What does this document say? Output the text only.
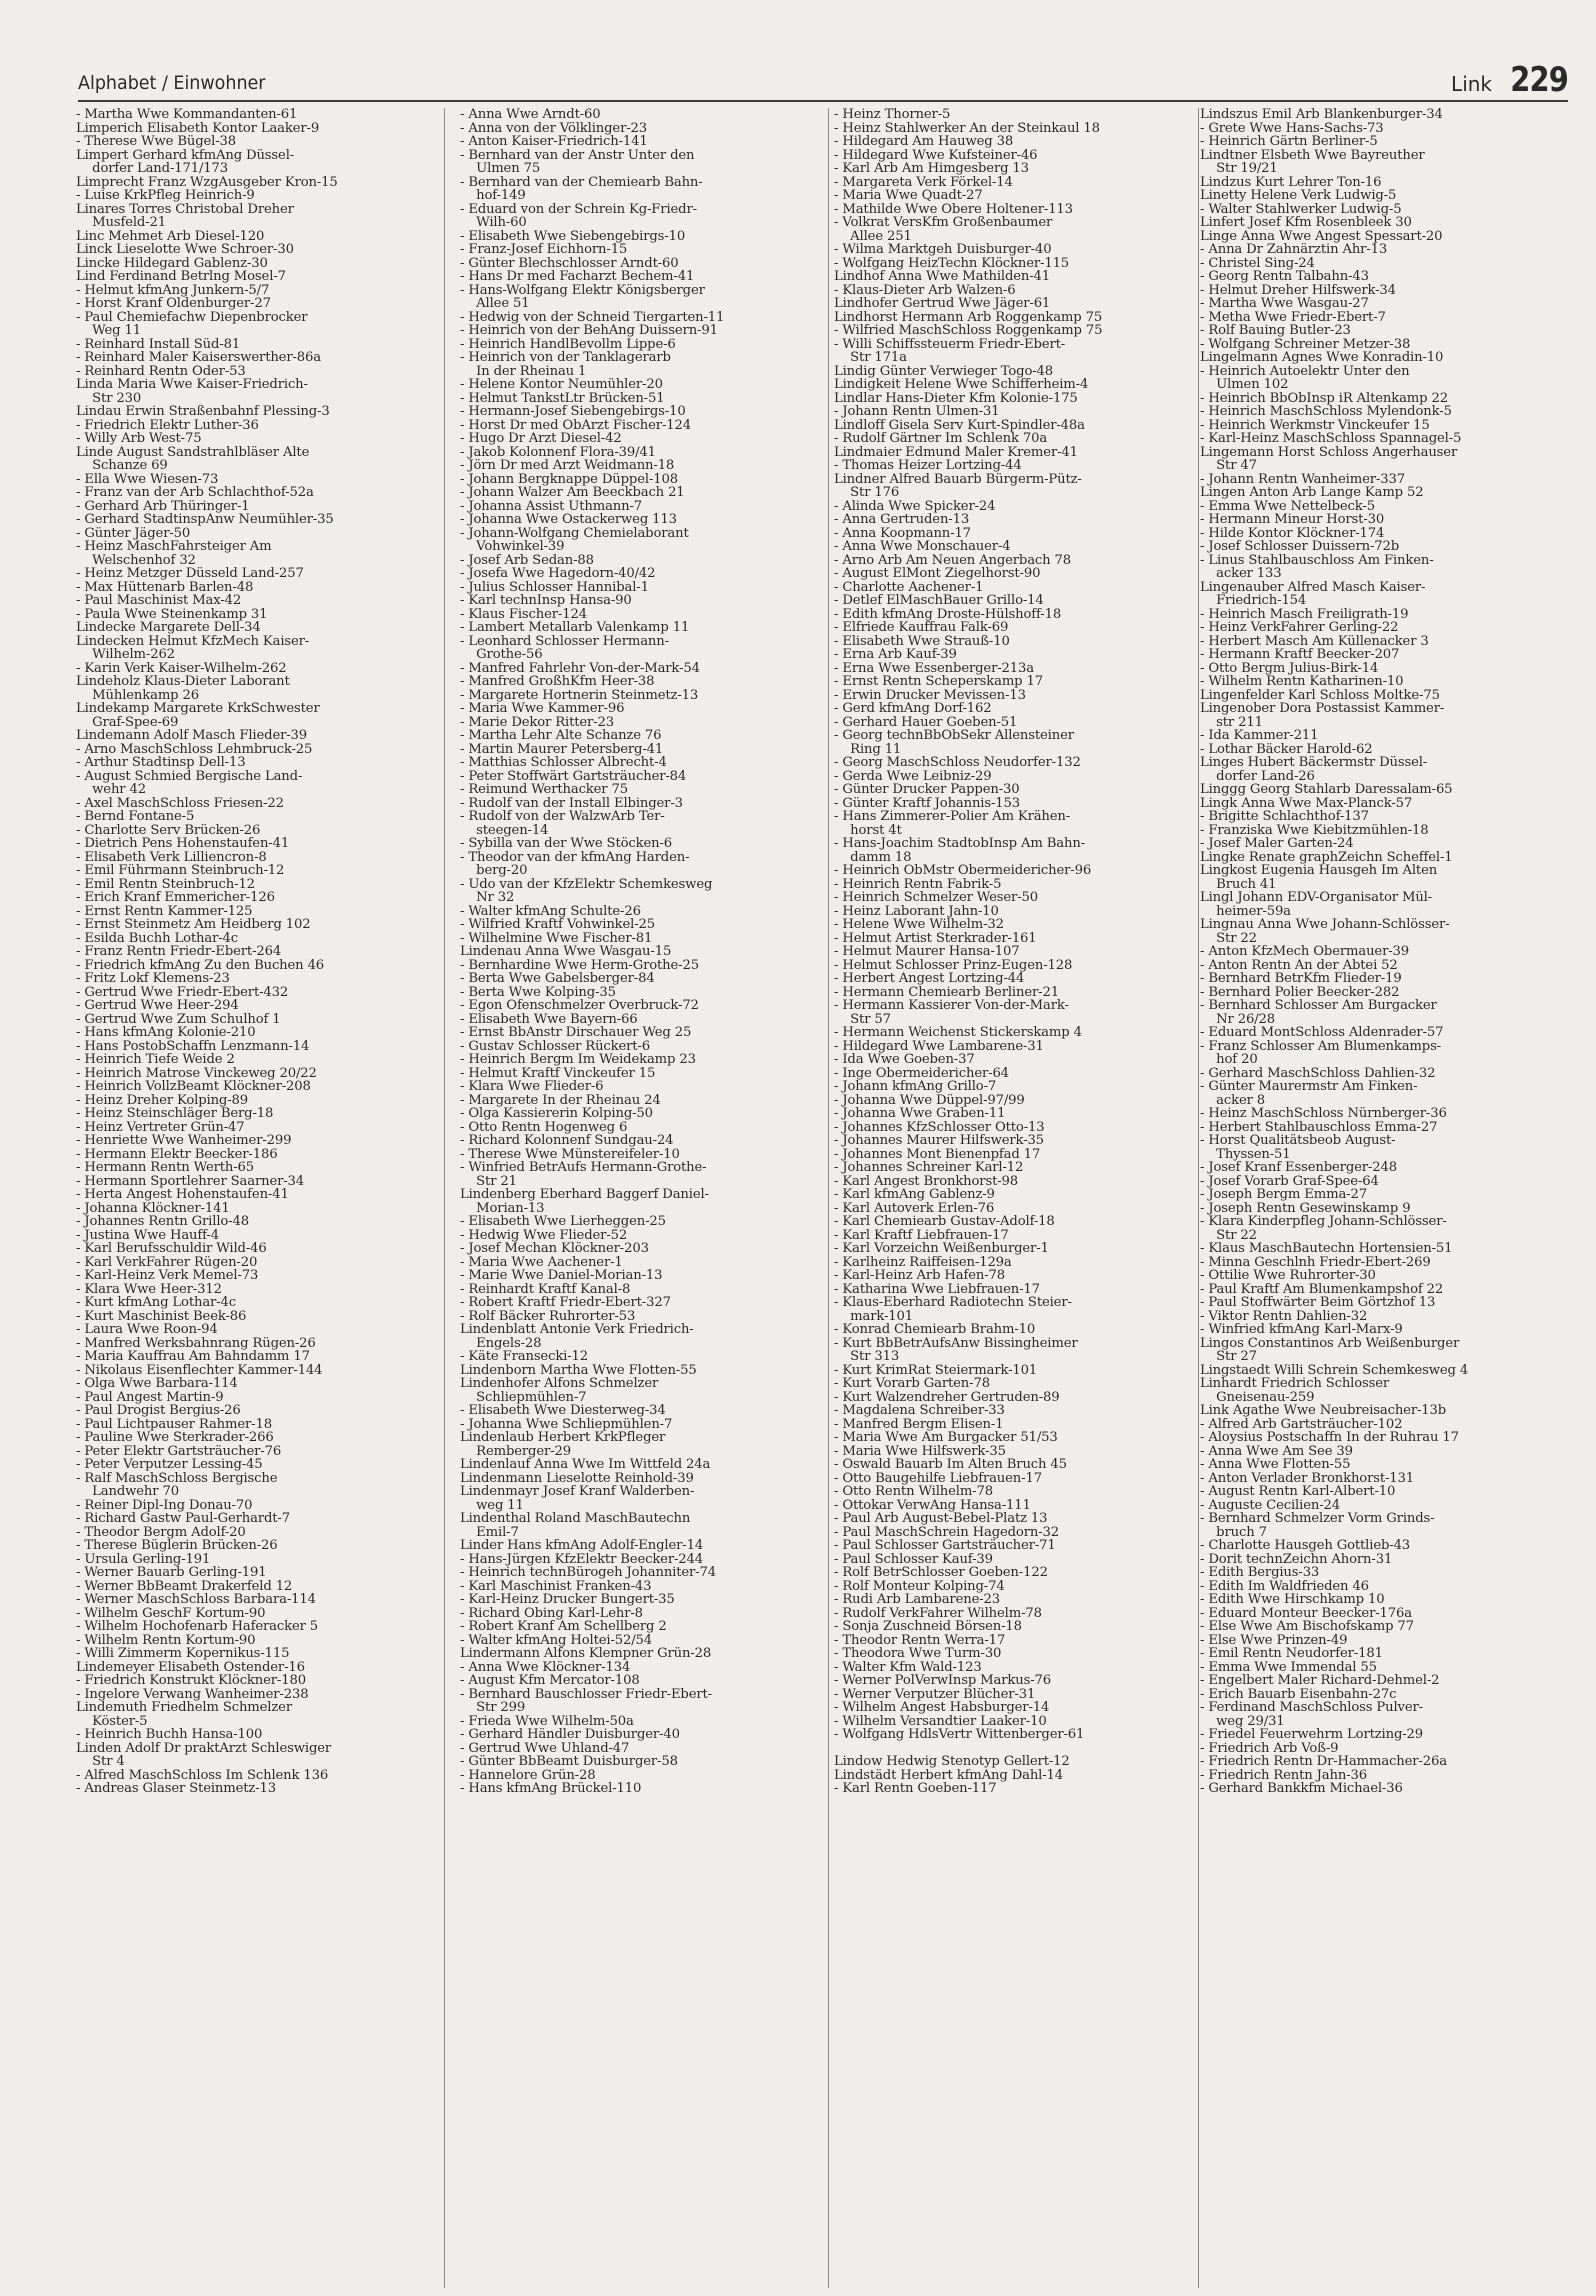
Alphabet / Einwohner	Link 229
- Martha Wwe Kommandanten-61
Limperich Elisabeth Kontor Laaker-9
- Therese Wwe Bügel-38
Limpert Gerhard kfmAng Düssel-
dorfer Land-171/173
Limprecht Franz WzgAusgeber Kron-15
- Luise KrkPfleg Heinrich-9
Linares Torres Christobal Dreher
Musfeld-21
Linc Mehmet Arb Diesel-120
Linck Lieselotte Wwe Schroer-30
Lincke Hildegard Gablenz-30
Lind Ferdinand Betrlng Mosel-7
- Helmut kfmAng Junkern-5/7
- Horst Kranf Oldenburger-27
- Paul Chemiefachw Diepenbrocker
Weg 11
- Reinhard Install Süd-81
- Reinhard Maler Kaiserswerther-86a
- Reinhard Rentn Oder-53
Linda Maria Wwe Kaiser-Friedrich-
Str 230
Lindau Erwin Straßenbahnf Plessing-3
- Friedrich Elektr Luther-36
- Willy Arb West-75
Linde August Sandstrahlbläser Alte
Schanze 69
- Ella Wwe Wiesen-73
- Franz van der Arb Schlachthof-52a
- Gerhard Arb Thüringer-1
- Gerhard StadtinspAnw Neumühler-35
- Günter Jäger-50
- Heinz MaschFahrsteiger Am
Welschenhof 32
- Heinz Metzger Düsseld Land-257
- Max Hüttenarb Barlen-48
- Paul Maschinist Max-42
- Paula Wwe Steinenkamp 31
Lindecke Margarete Dell-34
Lindecken Helmut KfzMech Kaiser-
Wilhelm-262
- Karin Verk Kaiser-Wilhelm-262
Lindeholz Klaus-Dieter Laborant
Mühlenkamp 26
Lindekamp Margarete KrkSchwester
Graf-Spee-69
Lindemann Adolf Masch Flieder-39
- Arno MaschSchloss Lehmbruck-25
- Arthur Stadtinsp Dell-13
- August Schmied Bergische Land-
wehr 42
- Axel MaschSchloss Friesen-22
- Bernd Fontane-5
- Charlotte Serv Brücken-26
- Dietrich Pens Hohenstaufen-41
- Elisabeth Verk Lilliencron-8
- Emil Führmann Steinbruch-12
- Emil Rentn Steinbruch-12
- Erich Kranf Emmericher-126
- Ernst Rentn Kammer-125
- Ernst Steinmetz Am Heidberg 102
- Esilda Buchh Lothar-4c
- Franz Rentn Friedr-Ebert-264
- Friedrich kfmAng Zu den Buchen 46
- Fritz Lokf Klemens-23
- Gertrud Wwe Friedr-Ebert-432
- Gertrud Wwe Heer-294
- Gertrud Wwe Zum Schulhof 1
- Hans kfmAng Kolonie-210
- Hans PostobSchaffn Lenzmann-14
- Heinrich Tiefe Weide 2
- Heinrich Matrose Vinckeweg 20/22
- Heinrich VollzBeamt Klöckner-208
- Heinz Dreher Kolping-89
- Heinz Steinschläger Berg-18
- Heinz Vertreter Grün-47
- Henriette Wwe Wanheimer-299
- Hermann Elektr Beecker-186
- Hermann Rentn Werth-65
- Hermann Sportlehrer Saarner-34
- Herta Angest Hohenstaufen-41
- Johanna Klöckner-141
- Johannes Rentn Grillo-48
- Justina Wwe Hauff-4
- Karl Berufsschuldir Wild-46
- Karl VerkFahrer Rügen-20
- Karl-Heinz Verk Memel-73
- Klara Wwe Heer-312
- Kurt kfmAng Lothar-4c
- Kurt Maschinist Beek-86
- Laura Wwe Roon-94
- Manfred Werksbahnrang Rügen-26
- Maria Kauffrau Am Bahndamm 17
- Nikolaus Eisenflechter Kammer-144
- Olga Wwe Barbara-114
- Paul Angest Martin-9
- Paul Drogist Bergius-26
- Paul Lichtpauser Rahmer-18
- Pauline Wwe Sterkrader-266
- Peter Elektr Gartsträucher-76
- Peter Verputzer Lessing-45
- Ralf MaschSchloss Bergische
Landwehr 70
- Reiner Dipl-Ing Donau-70
- Richard Gastw Paul-Gerhardt-7
- Theodor Bergm Adolf-20
- Therese Büglerin Brücken-26
- Ursula Gerling-191
- Werner Bauarb Gerling-191
- Werner BbBeamt Drakerfeld 12
- Werner MaschSchloss Barbara-114
- Wilhelm GeschF Kortum-90
- Wilhelm Hochofenarb Haferacker 5
- Wilhelm Rentn Kortum-90
- Willi Zimmerm Kopernikus-115
Lindemeyer Elisabeth Ostender-16
- Friedrich Konstrukt Klöckner-180
- Ingelore Verwang Wanheimer-238
Lindemuth Friedhelm Schmelzer
Köster-5
- Heinrich Buchh Hansa-100
Linden Adolf Dr praktArzt Schleswiger
Str 4
- Alfred MaschSchloss Im Schlenk 136
- Andreas Glaser Steinmetz-13
- Anna Wwe Arndt-60
- Anna von der Völklinger-23
- Anton Kaiser-Friedrich-141
- Bernhard van der Anstr Unter den
Ulmen 75
- Bernhard van der Chemiearb Bahn-
hof-149
- Eduard von der Schrein Kg-Friedr-
Wilh-60
- Elisabeth Wwe Siebengebirgs-10
- Franz-Josef Eichhorn-15
- Günter Blechschlosser Arndt-60
- Hans Dr med Facharzt Bechem-41
- Hans-Wolfgang Elektr Königsberger
Allee 51
- Hedwig von der Schneid Tiergarten-11
- Heinrich von der BehAng Duissern-91
- Heinrich HandlBevollm Lippe-6
- Heinrich von der Tanklagerarb
In der Rheinau 1
- Helene Kontor Neumühler-20
- Helmut TankstLtr Brücken-51
- Hermann-Josef Siebengebirgs-10
- Horst Dr med ObArzt Fischer-124
- Hugo Dr Arzt Diesel-42
- Jakob Kolonnenf Flora-39/41
- Jörn Dr med Arzt Weidmann-18
- Johann Bergknappe Düppel-108
- Johann Walzer Am Beeckbach 21
- Johanna Assist Uthmann-7
- Johanna Wwe Ostackerweg 113
- Johann-Wolfgang Chemielaborant
Vohwinkel-39
- Josef Arb Sedan-88
- Josefa Wwe Hagedorn-40/42
- Julius Schlosser Hannibal-1
- Karl technInsp Hansa-90
- Klaus Fischer-124
- Lambert Metallarb Valenkamp 11
- Leonhard Schlosser Hermann-
Grothe-56
- Manfred Fahrlehr Von-der-Mark-54
- Manfred GroßhKfm Heer-38
- Margarete Hortnerin Steinmetz-13
- Maria Wwe Kammer-96
- Marie Dekor Ritter-23
- Martha Lehr Alte Schanze 76
- Martin Maurer Petersberg-41
- Matthias Schlosser Albrecht-4
- Peter Stoffwärt Gartsträucher-84
- Reimund Werthacker 75
- Rudolf van der Install Elbinger-3
- Rudolf von der WalzwArb Ter-
steegen-14
- Sybilla van der Wwe Stöcken-6
- Theodor van der kfmAng Harden-
berg-20
- Udo van der KfzElektr Schemkesweg
Nr 32
- Walter kfmAng Schulte-26
- Wilfried Kraftf Vohwinkel-25
- Wilhelmine Wwe Fischer-81
Lindenau Anna Wwe Wasgau-15
- Bernhardine Wwe Herm-Grothe-25
- Berta Wwe Gabelsberger-84
- Berta Wwe Kolping-35
- Egon Ofenschmelzer Overbruck-72
- Elisabeth Wwe Bayern-66
- Ernst BbAnstr Dirschauer Weg 25
- Gustav Schlosser Rückert-6
- Heinrich Bergm Im Weidekamp 23
- Helmut Kraftf Vinckeufer 15
- Klara Wwe Flieder-6
- Margarete In der Rheinau 24
- Olga Kassiererin Kolping-50
- Otto Rentn Hogenweg 6
- Richard Kolonnenf Sundgau-24
- Therese Wwe Münstereifeler-10
- Winfried BetrAufs Hermann-Grothe-
Str 21
Lindenberg Eberhard Baggerf Daniel-
Morian-13
- Elisabeth Wwe Lierheggen-25
- Hedwig Wwe Flieder-52
- Josef Mechan Klöckner-203
- Maria Wwe Aachener-1
- Marie Wwe Daniel-Morian-13
- Reinhardt Kraftf Kanal-8
- Robert Kraftf Friedr-Ebert-327
- Rolf Bäcker Ruhrorter-53
Lindenblatt Antonie Verk Friedrich-
Engels-28
- Käte Fransecki-12
Lindenborn Martha Wwe Flotten-55
Lindenhofer Alfons Schmelzer
Schliepmühlen-7
- Elisabeth Wwe Diesterweg-34
- Johanna Wwe Schliepmühlen-7
Lindenlaub Herbert KrkPfleger
Remberger-29
Lindenlauf Anna Wwe Im Wittfeld 24a
Lindenmann Lieselotte Reinhold-39
Lindenmayr Josef Kranf Walderben-
weg 11
Lindenthal Roland MaschBautechn
Emil-7
Linder Hans kfmAng Adolf-Engler-14
- Hans-Jürgen KfzElektr Beecker-244
- Heinrich technBürogeh Johanniter-74
- Karl Maschinist Franken-43
- Karl-Heinz Drucker Bungert-35
- Richard Obing Karl-Lehr-8
- Robert Kranf Am Schellberg 2
- Walter kfmAng Holtei-52/54
Lindermann Alfons Klempner Grün-28
- Anna Wwe Klöckner-134
- August Kfm Mercator-108
- Bernhard Bauschlosser Friedr-Ebert-
Str 299
- Frieda Wwe Wilhelm-50a
- Gerhard Händler Duisburger-40
- Gertrud Wwe Uhland-47
- Günter BbBeamt Duisburger-58
- Hannelore Grün-28
- Hans kfmAng Brückel-110
- Heinz Thorner-5
- Heinz Stahlwerker An der Steinkaul 18
- Hildegard Am Hauweg 38
- Hildegard Wwe Kufsteiner-46
- Karl Arb Am Himgesberg 13
- Margareta Verk Förkel-14
- Maria Wwe Quadt-27
- Mathilde Wwe Obere Holtener-113
- Volkrat VersKfm Großenbaumer
Allee 251
- Wilma Marktgeh Duisburger-40
- Wolfgang HeizTechn Klöckner-115
Lindhof Anna Wwe Mathilden-41
- Klaus-Dieter Arb Walzen-6
Lindhofer Gertrud Wwe Jäger-61
Lindhorst Hermann Arb Roggenkamp 75
- Wilfried MaschSchloss Roggenkamp 75
- Willi Schiffssteuerm Friedr-Ebert-
Str 171a
Lindig Günter Verwieger Togo-48
Lindigkeit Helene Wwe Schifferheim-4
Lindlar Hans-Dieter Kfm Kolonie-175
- Johann Rentn Ulmen-31
Lindloff Gisela Serv Kurt-Spindler-48a
- Rudolf Gärtner Im Schlenk 70a
Lindmaier Edmund Maler Kremer-41
- Thomas Heizer Lortzing-44
Lindner Alfred Bauarb Bürgerm-Pütz-
Str 176
- Alinda Wwe Spicker-24
- Anna Gertruden-13
- Anna Koopmann-17
- Anna Wwe Monschauer-4
- Arno Arb Am Neuen Angerbach 78
- August ElMont Ziegelhorst-90
- Charlotte Aachener-1
- Detlef ElMaschBauer Grillo-14
- Edith kfmAng Droste-Hülshoff-18
- Elfriede Kauffrau Falk-69
- Elisabeth Wwe Strauß-10
- Erna Arb Kauf-39
- Erna Wwe Essenberger-213a
- Ernst Rentn Scheperskamp 17
- Erwin Drucker Mevissen-13
- Gerd kfmAng Dorf-162
- Gerhard Hauer Goeben-51
- Georg technBbObSekr Allensteiner
Ring 11
- Georg MaschSchloss Neudorfer-132
- Gerda Wwe Leibniz-29
- Günter Drucker Pappen-30
- Günter Kraftf Johannis-153
- Hans Zimmerer-Polier Am Krähen-
horst 4t
- Hans-Joachim StadtobInsp Am Bahn-
damm 18
- Heinrich ObMstr Obermeidericher-96
- Heinrich Rentn Fabrik-5
- Heinrich Schmelzer Weser-50
- Heinz Laborant Jahn-10
- Helene Wwe Wilhelm-32
- Helmut Artist Sterkrader-161
- Helmut Maurer Hansa-107
- Helmut Schlosser Prinz-Eugen-128
- Herbert Angest Lortzing-44
- Hermann Chemiearb Berliner-21
- Hermann Kassierer Von-der-Mark-
Str 57
- Hermann Weichenst Stickerskamp 4
- Hildegard Wwe Lambarene-31
- Ida Wwe Goeben-37
- Inge Obermeidericher-64
- Johann kfmAng Grillo-7
- Johanna Wwe Düppel-97/99
- Johanna Wwe Graben-11
- Johannes KfzSchlosser Otto-13
- Johannes Maurer Hilfswerk-35
- Johannes Mont Bienenpfad 17
- Johannes Schreiner Karl-12
- Karl Angest Bronkhorst-98
- Karl kfmAng Gablenz-9
- Karl Autoverk Erlen-76
- Karl Chemiearb Gustav-Adolf-18
- Karl Kraftf Liebfrauen-17
- Karl Vorzeichn Weißenburger-1
- Karlheinz Raiffeisen-129a
- Karl-Heinz Arb Hafen-78
- Katharina Wwe Liebfrauen-17
- Klaus-Eberhard Radiotechn Steier-
mark-101
- Konrad Chemiearb Brahm-10
- Kurt BbBetrAufsAnw Bissingheimer
Str 313
- Kurt KrimRat Steiermark-101
- Kurt Vorarb Garten-78
- Kurt Walzendreher Gertruden-89
- Magdalena Schreiber-33
- Manfred Bergm Elisen-1
- Maria Wwe Am Burgacker 51/53
- Maria Wwe Hilfswerk-35
- Oswald Bauarb Im Alten Bruch 45
- Otto Baugehilfe Liebfrauen-17
- Otto Rentn Wilhelm-78
- Ottokar VerwAng Hansa-111
- Paul Arb August-Bebel-Platz 13
- Paul MaschSchrein Hagedorn-32
- Paul Schlosser Gartsträucher-71
- Paul Schlosser Kauf-39
- Rolf BetrSchlosser Goeben-122
- Rolf Monteur Kolping-74
- Rudi Arb Lambarene-23
- Rudolf VerkFahrer Wilhelm-78
- Sonja Zuschneid Börsen-18
- Theodor Rentn Werra-17
- Theodora Wwe Turm-30
- Walter Kfm Wald-123
- Werner PolVerwInsp Markus-76
- Werner Verputzer Blücher-31
- Wilhelm Angest Habsburger-14
- Wilhelm Versandtier Laaker-10
- Wolfgang HdlsVertr Wittenberger-61

Lindow Hedwig Stenotyp Gellert-12
Lindstädt Herbert kfmAng Dahl-14
- Karl Rentn Goeben-117
Lindszus Emil Arb Blankenburger-34
- Grete Wwe Hans-Sachs-73
- Heinrich Gärtn Berliner-5
Lindtner Elsbeth Wwe Bayreuther
Str 19/21
Lindzus Kurt Lehrer Ton-16
Linetty Helene Verk Ludwig-5
- Walter Stahlwerker Ludwig-5
Linfert Josef Kfm Rosenbleek 30
Linge Anna Wwe Angest Spessart-20
- Anna Dr Zahnärztin Ahr-13
- Christel Sing-24
- Georg Rentn Talbahn-43
- Helmut Dreher Hilfswerk-34
- Martha Wwe Wasgau-27
- Metha Wwe Friedr-Ebert-7
- Rolf Bauing Butler-23
- Wolfgang Schreiner Metzer-38
Lingelmann Agnes Wwe Konradin-10
- Heinrich Autoelektr Unter den
Ulmen 102
- Heinrich BbObInsp iR Altenkamp 22
- Heinrich MaschSchloss Mylendonk-5
- Heinrich Werkmstr Vinckeufer 15
- Karl-Heinz MaschSchloss Spannagel-5
Lingemann Horst Schloss Angerhauser
Str 47
- Johann Rentn Wanheimer-337
Lingen Anton Arb Lange Kamp 52
- Emma Wwe Nettelbeck-5
- Hermann Mineur Horst-30
- Hilde Kontor Klöckner-174
- Josef Schlosser Duissern-72b
- Linus Stahlbauschloss Am Finken-
acker 133
Lingenauber Alfred Masch Kaiser-
Friedrich-154
- Heinrich Masch Freiligrath-19
- Heinz VerkFahrer Gerling-22
- Herbert Masch Am Küllenacker 3
- Hermann Kraftf Beecker-207
- Otto Bergm Julius-Birk-14
- Wilhelm Rentn Katharinen-10
Lingenfelder Karl Schloss Moltke-75
Lingenober Dora Postassist Kammer-
str 211
- Ida Kammer-211
- Lothar Bäcker Harold-62
Linges Hubert Bäckermstr Düssel-
dorfer Land-26
Linggg Georg Stahlarb Daressalam-65
Lingk Anna Wwe Max-Planck-57
- Brigitte Schlachthof-137
- Franziska Wwe Kiebitzmühlen-18
- Josef Maler Garten-24
Lingke Renate graphZeichn Scheffel-1
Lingkost Eugenia Hausgeh Im Alten
Bruch 41
Lingl Johann EDV-Organisator Mül-
heimer-59a
Lingnau Anna Wwe Johann-Schlösser-
Str 22
- Anton KfzMech Obermauer-39
- Anton Rentn An der Abtei 52
- Bernhard BetrKfm Flieder-19
- Bernhard Polier Beecker-282
- Bernhard Schlosser Am Burgacker
Nr 26/28
- Eduard MontSchloss Aldenrader-57
- Franz Schlosser Am Blumenkamps-
hof 20
- Gerhard MaschSchloss Dahlien-32
- Günter Maurermstr Am Finken-
acker 8
- Heinz MaschSchloss Nürnberger-36
- Herbert Stahlbauschloss Emma-27
- Horst Qualitätsbeob August-
Thyssen-51
- Josef Kranf Essenberger-248
- Josef Vorarb Graf-Spee-64
- Joseph Bergm Emma-27
- Joseph Rentn Gesewinskamp 9
- Klara Kinderpfleg Johann-Schlösser-
Str 22
- Klaus MaschBautechn Hortensien-51
- Minna Geschlnh Friedr-Ebert-269
- Ottilie Wwe Ruhrorter-30
- Paul Kraftf Am Blumenkampshof 22
- Paul Stoffwärter Beim Görtzhof 13
- Viktor Rentn Dahlien-32
- Winfried kfmAng Karl-Marx-9
Lingos Constantinos Arb Weißenburger
Str 27
Lingstaedt Willi Schrein Schemkesweg 4
Linhardt Friedrich Schlosser
Gneisenau-259
Link Agathe Wwe Neubreisacher-13b
- Alfred Arb Gartsträucher-102
- Aloysius Postschaffn In der Ruhrau 17
- Anna Wwe Am See 39
- Anna Wwe Flotten-55
- Anton Verlader Bronkhorst-131
- August Rentn Karl-Albert-10
- Auguste Cecilien-24
- Bernhard Schmelzer Vorm Grinds-
bruch 7
- Charlotte Hausgeh Gottlieb-43
- Dorit technZeichn Ahorn-31
- Edith Bergius-33
- Edith Im Waldfrieden 46
- Edith Wwe Hirschkamp 10
- Eduard Monteur Beecker-176a
- Else Wwe Am Bischofskamp 77
- Else Wwe Prinzen-49
- Emil Rentn Neudorfer-181
- Emma Wwe Immendal 55
- Engelbert Maler Richard-Dehmel-2
- Erich Bauarb Eisenbahn-27c
- Ferdinand MaschSchloss Pulver-
weg 29/31
- Friedel Feuerwehrm Lortzing-29
- Friedrich Arb Voß-9
- Friedrich Rentn Dr-Hammacher-26a
- Friedrich Rentn Jahn-36
- Gerhard Bankkfm Michael-36
